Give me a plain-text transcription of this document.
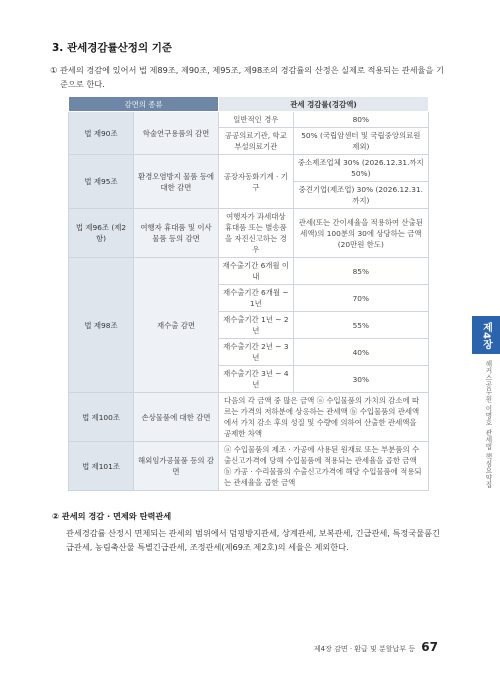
3. 관세경감률산정의 기준
① 관세의 경감에 있어서 법 제89조, 제90조, 제95조, 제98조의 경감률의 산정은 실제로 적용되는 관세율을 기준으로 한다.
감면의 종류		관세 경감률(경감액)	
법 제90조	학술연구용품의 감면	일반적인 경우	80%
		공공의료기관, 학교부설의료기관	50% (국립암센터 및 국립중앙의료원 제외)
법 제95조	환경오염방지 물품 등에 대한 감면	공장자동화기계 · 기구	중소제조업체 30% (2026.12.31.까지 50%)
			중견기업(제조업) 30% (2026.12.31.까지)
법 제96조 (제2항)	여행자 휴대품 및 이사물품 등의 감면	여행자가 과세대상 휴대품 또는 별송품을 자진신고하는 경우	관세(또는 간이세율을 적용하여 산출된 세액)의 100분의 30에 상당하는 금액(20만원 한도)
법 제98조	재수출 감면	재수출기간 6개월 이내	85%
		재수출기간 6개월 ~ 1년	70%
		재수출기간 1년 ~ 2년	55%
		재수출기간 2년 ~ 3년	40%
		재수출기간 3년 ~ 4년	30%
법 제100조	손상물품에 대한 감면	다음의 각 금액 중 많은 금액 ⓐ 수입물품의 가치의 감소에 따르는 가격의 저하분에 상응하는 관세액 ⓑ 수입물품의 관세액에서 가치 감소 후의 성질 및 수량에 의하여 산출한 관세액을 공제한 차액	
법 제101조	해외임가공물품 등의 감면	ⓐ 수입물품의 제조 · 가공에 사용된 원재료 또는 부분품의 수출신고가격에 당해 수입물품에 적용되는 관세율을 곱한 금액 ⓑ 가공 · 수리물품의 수출신고가격에 해당 수입물품에 적용되는 관세율을 곱한 금액	
② 관세의 경감 · 면제와 탄력관세
관세경감률 산정시 면제되는 관세의 범위에서 덤핑방지관세, 상계관세, 보복관세, 긴급관세, 특정국물품긴급관세, 농림축산물 특별긴급관세, 조정관세(제69조 제2호)의 세율은 제외한다.
제4장
해커스공무원 이명호 관세법 핵심요약집
제4장 감면 · 환급 및 분할납부 등 67
